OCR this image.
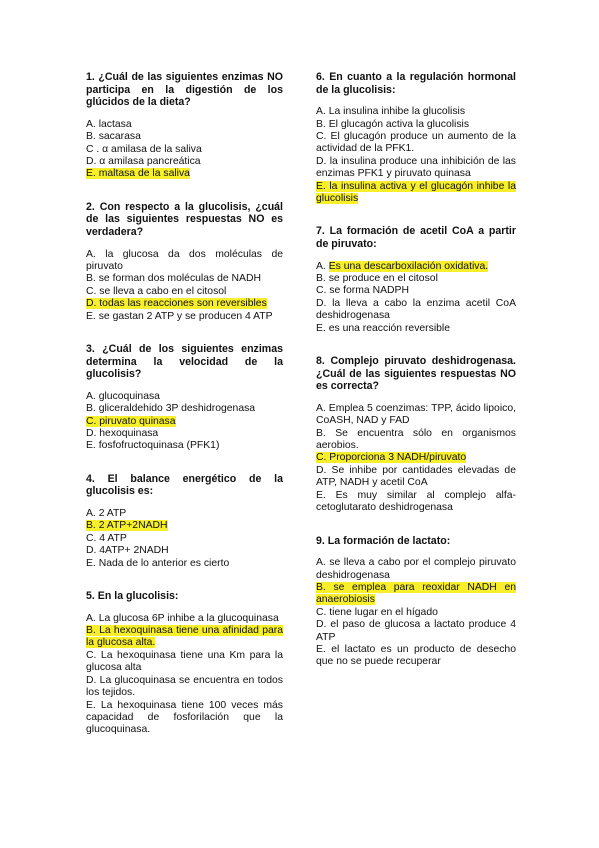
1. ¿Cuál de las siguientes enzimas NO participa en la digestión de los glúcidos de la dieta?
A. lactasa
B. sacarasa
C . α amilasa de la saliva
D. α amilasa pancreática
E. maltasa de la saliva
2. Con respecto a la glucolisis, ¿cuál de las siguientes respuestas NO es verdadera?
A. la glucosa da dos moléculas de piruvato
B. se forman dos moléculas de NADH
C. se lleva a cabo en el citosol
D. todas las reacciones son reversibles
E. se gastan 2 ATP y se producen 4 ATP
3. ¿Cuál de los siguientes enzimas determina la velocidad de la glucolisis?
A. glucoquinasa
B. gliceraldehido 3P deshidrogenasa
C. piruvato quinasa
D. hexoquinasa
E. fosfofructoquinasa (PFK1)
4. El balance energético de la glucolisis es:
A. 2 ATP
B. 2 ATP+2NADH
C. 4 ATP
D. 4ATP+ 2NADH
E. Nada de lo anterior es cierto
5. En la glucolisis:
A. La glucosa 6P inhibe a la glucoquinasa
B. La hexoquinasa tiene una afinidad para la glucosa alta.
C. La hexoquinasa tiene una Km para la glucosa alta
D. La glucoquinasa se encuentra en todos los tejidos.
E. La hexoquinasa tiene 100 veces más capacidad de fosforilación que la glucoquinasa.
6. En cuanto a la regulación hormonal de la glucolisis:
A. La insulina inhibe la glucolisis
B. El glucagón activa la glucolisis
C. El glucagón produce un aumento de la actividad de la PFK1.
D. la insulina produce una inhibición de las enzimas PFK1 y piruvato quinasa
E. la insulina activa y el glucagón inhibe la glucolisis
7. La formación de acetil CoA a partir de piruvato:
A. Es una descarboxilación oxidativa.
B. se produce en el citosol
C. se forma NADPH
D. la lleva a cabo la enzima acetil CoA deshidrogenasa
E. es una reacción reversible
8. Complejo piruvato deshidrogenasa. ¿Cuál de las siguientes respuestas NO es correcta?
A. Emplea 5 coenzimas: TPP, ácido lipoico, CoASH, NAD y FAD
B. Se encuentra sólo en organismos aerobios.
C. Proporciona 3 NADH/piruvato
D. Se inhibe por cantidades elevadas de ATP, NADH y acetil CoA
E. Es muy similar al complejo alfa-cetoglutarato deshidrogenasa
9. La formación de lactato:
A. se lleva a cabo por el complejo piruvato deshidrogenasa
B. se emplea para reoxidar NADH en anaerobiosis
C. tiene lugar en el hígado
D. el paso de glucosa a lactato produce 4 ATP
E. el lactato es un producto de desecho que no se puede recuperar
